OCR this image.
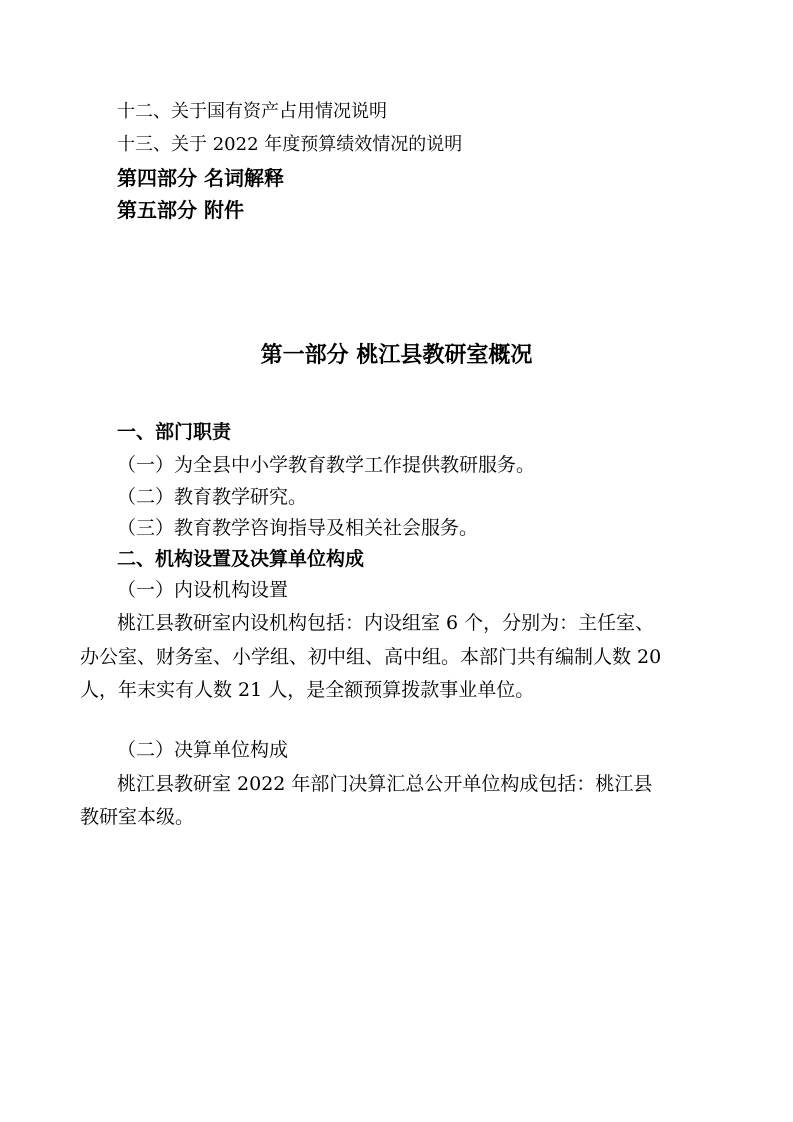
十二、关于国有资产占用情况说明

十三、关于 2022 年度预算绩效情况的说明

第四部分 名词解释

第五部分 附件

第一部分 桃江县教研室概况
一、部门职责

（一）为全县中小学教育教学工作提供教研服务。

（二）教育教学研究。

（三）教育教学咨询指导及相关社会服务。

二、机构设置及决算单位构成
（一）内设机构设置

桃江县教研室内设机构包括：内设组室 6 个，分别为：主任室、

办公室、财务室、小学组、初中组、高中组。本部门共有编制人数 20

人，年末实有人数 21 人，是全额预算拨款事业单位。

（二）决算单位构成

桃江县教研室 2022 年部门决算汇总公开单位构成包括：桃江县

教研室本级。
